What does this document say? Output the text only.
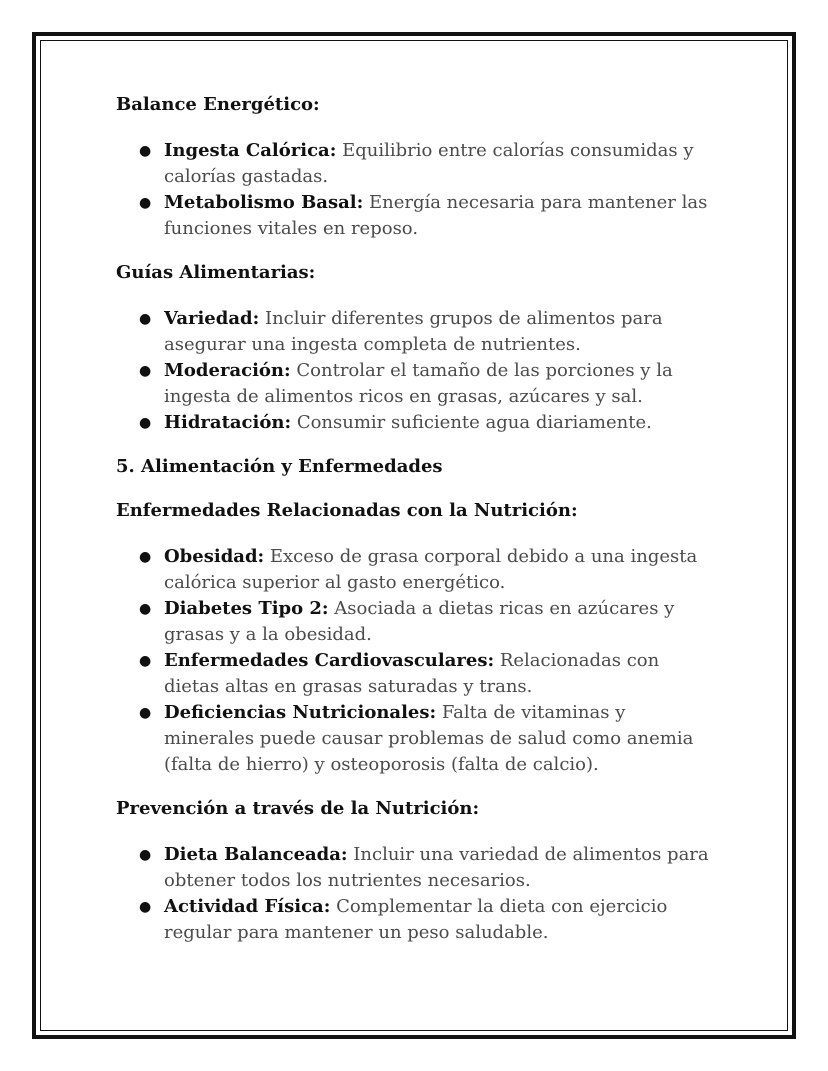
Balance Energético:

● Ingesta Calórica: Equilibrio entre calorías consumidas y calorías gastadas.
● Metabolismo Basal: Energía necesaria para mantener las funciones vitales en reposo.

Guías Alimentarias:

● Variedad: Incluir diferentes grupos de alimentos para asegurar una ingesta completa de nutrientes.
● Moderación: Controlar el tamaño de las porciones y la ingesta de alimentos ricos en grasas, azúcares y sal.
● Hidratación: Consumir suficiente agua diariamente.

5. Alimentación y Enfermedades

Enfermedades Relacionadas con la Nutrición:

● Obesidad: Exceso de grasa corporal debido a una ingesta calórica superior al gasto energético.
● Diabetes Tipo 2: Asociada a dietas ricas en azúcares y grasas y a la obesidad.
● Enfermedades Cardiovasculares: Relacionadas con dietas altas en grasas saturadas y trans.
● Deficiencias Nutricionales: Falta de vitaminas y minerales puede causar problemas de salud como anemia (falta de hierro) y osteoporosis (falta de calcio).

Prevención a través de la Nutrición:

● Dieta Balanceada: Incluir una variedad de alimentos para obtener todos los nutrientes necesarios.
● Actividad Física: Complementar la dieta con ejercicio regular para mantener un peso saludable.
